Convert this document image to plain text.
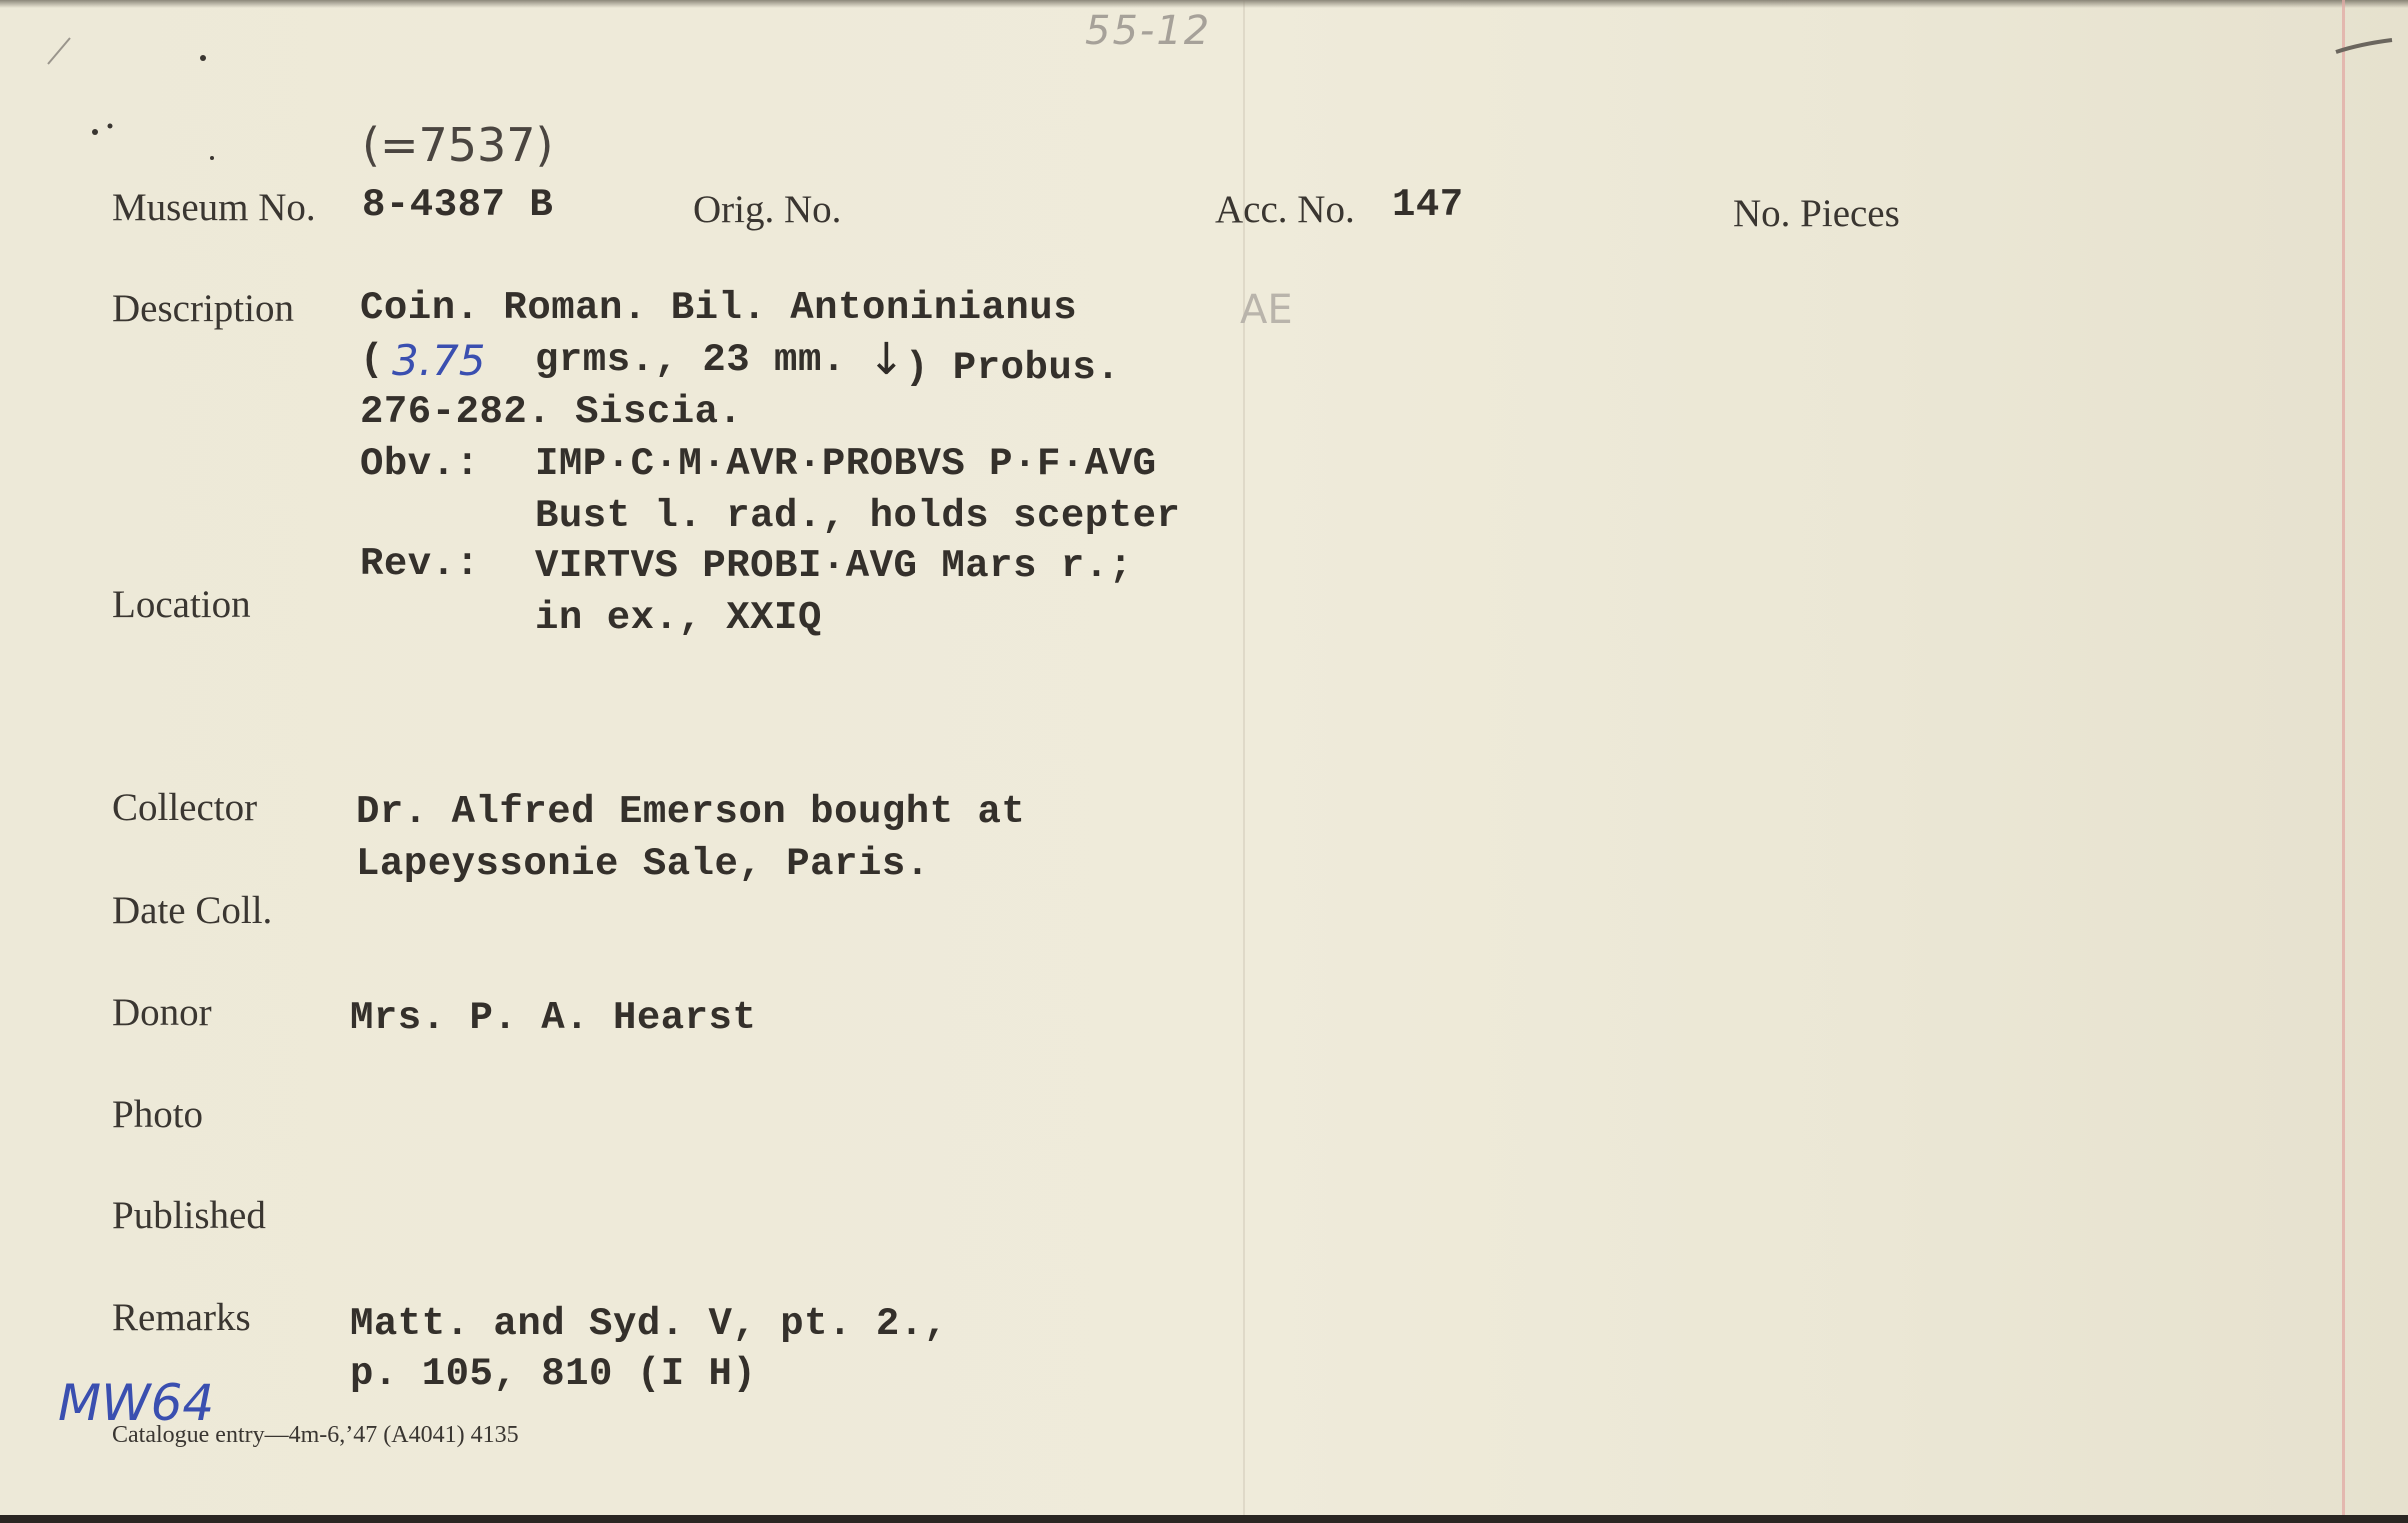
55-12
(=7537)
Museum No. 8-4387 B	Orig. No.	Acc. No. 147	No. Pieces
Description Coin. Roman. Bil. Antoninianus	AE
( 3.75 grms., 23 mm. ↓ ) Probus.
276-282. Siscia.
Obv.: IMP·C·M·AVR·PROBVS P·F·AVG
Bust l. rad., holds scepter
Rev.: VIRTVS PROBI·AVG Mars r.;
in ex., XXIQ
Location
Collector	Dr. Alfred Emerson bought at
Lapeyssonie Sale, Paris.
Date Coll.
Donor	Mrs. P. A. Hearst
Photo
Published
Remarks	Matt. and Syd. V, pt. 2.,
p. 105, 810 (I H)
MW64
Catalogue entry—4m-6,’47 (A4041) 4135
